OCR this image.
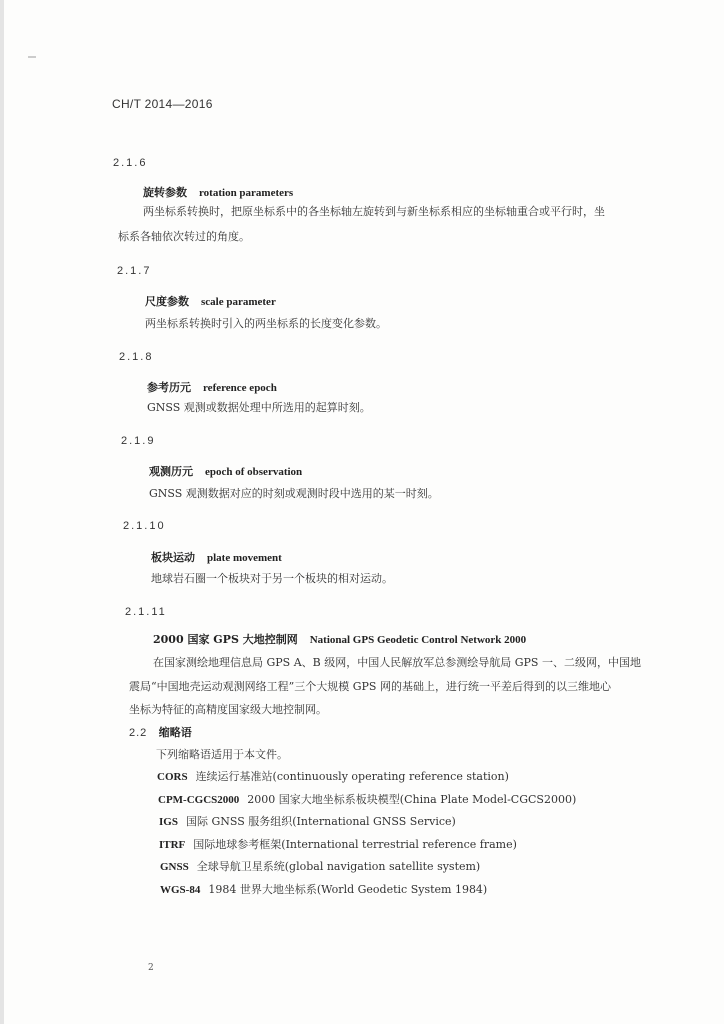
CH/T 2014—2016
2.1.6
旋转参数 rotation parameters
两坐标系转换时，把原坐标系中的各坐标轴左旋转到与新坐标系相应的坐标轴重合或平行时，坐
标系各轴依次转过的角度。
2.1.7
尺度参数 scale parameter
两坐标系转换时引入的两坐标系的长度变化参数。
2.1.8
参考历元 reference epoch
GNSS 观测或数据处理中所选用的起算时刻。
2.1.9
观测历元 epoch of observation
GNSS 观测数据对应的时刻或观测时段中选用的某一时刻。
2.1.10
板块运动 plate movement
地球岩石圈一个板块对于另一个板块的相对运动。
2.1.11
2000 国家 GPS 大地控制网 National GPS Geodetic Control Network 2000
在国家测绘地理信息局 GPS A、B 级网，中国人民解放军总参测绘导航局 GPS 一、二级网，中国地
震局“中国地壳运动观测网络工程”三个大规模 GPS 网的基础上，进行统一平差后得到的以三维地心
坐标为特征的高精度国家级大地控制网。
2.2 缩略语
下列缩略语适用于本文件。
CORS 连续运行基准站(continuously operating reference station)
CPM-CGCS2000 2000 国家大地坐标系板块模型(China Plate Model-CGCS2000)
IGS 国际 GNSS 服务组织(International GNSS Service)
ITRF 国际地球参考框架(International terrestrial reference frame)
GNSS 全球导航卫星系统(global navigation satellite system)
WGS-84 1984 世界大地坐标系(World Geodetic System 1984)
2
